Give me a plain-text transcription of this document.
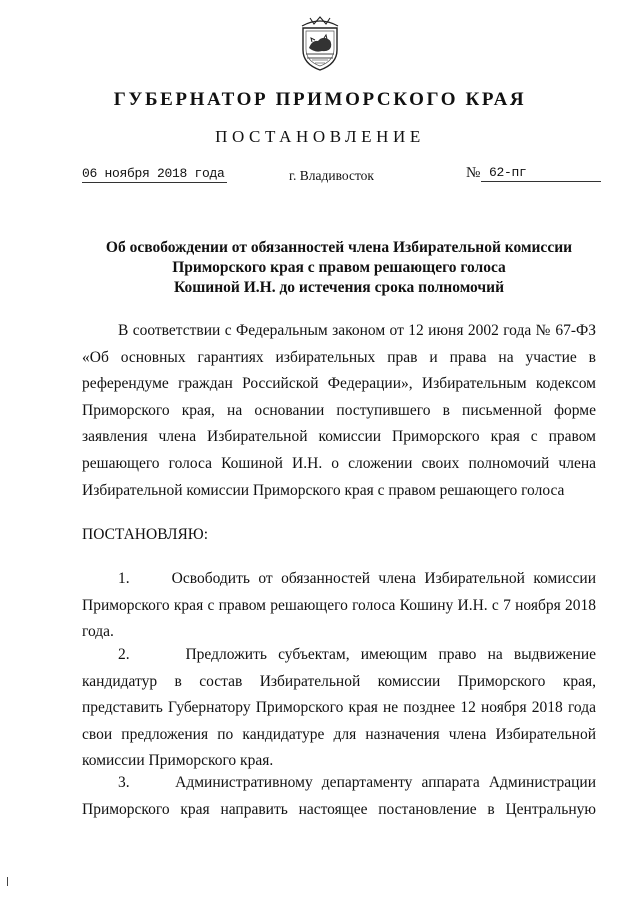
ГУБЕРНАТОР ПРИМОРСКОГО КРАЯ
ПОСТАНОВЛЕНИЕ
06 ноября 2018 года	г. Владивосток	№ 62-пг
Об освобождении от обязанностей члена Избирательной комиссии
Приморского края с правом решающего голоса
Кошиной И.Н. до истечения срока полномочий
В соответствии с Федеральным законом от 12 июня 2002 года № 67-ФЗ «Об основных гарантиях избирательных прав и права на участие в референдуме граждан Российской Федерации», Избирательным кодексом Приморского края, на основании поступившего в письменной форме заявления члена Избирательной комиссии Приморского края с правом решающего голоса Кошиной И.Н. о сложении своих полномочий члена Избирательной комиссии Приморского края с правом решающего голоса
ПОСТАНОВЛЯЮ:
1.     Освободить от обязанностей члена Избирательной комиссии Приморского края с правом решающего голоса Кошину И.Н. с 7 ноября 2018 года.
2.     Предложить субъектам, имеющим право на выдвижение кандидатур в состав Избирательной комиссии Приморского края, представить Губернатору Приморского края не позднее 12 ноября 2018 года свои предложения по кандидатуре для назначения члена Избирательной комиссии Приморского края.
3.     Административному департаменту аппарата Администрации Приморского края направить настоящее постановление в Центральную
